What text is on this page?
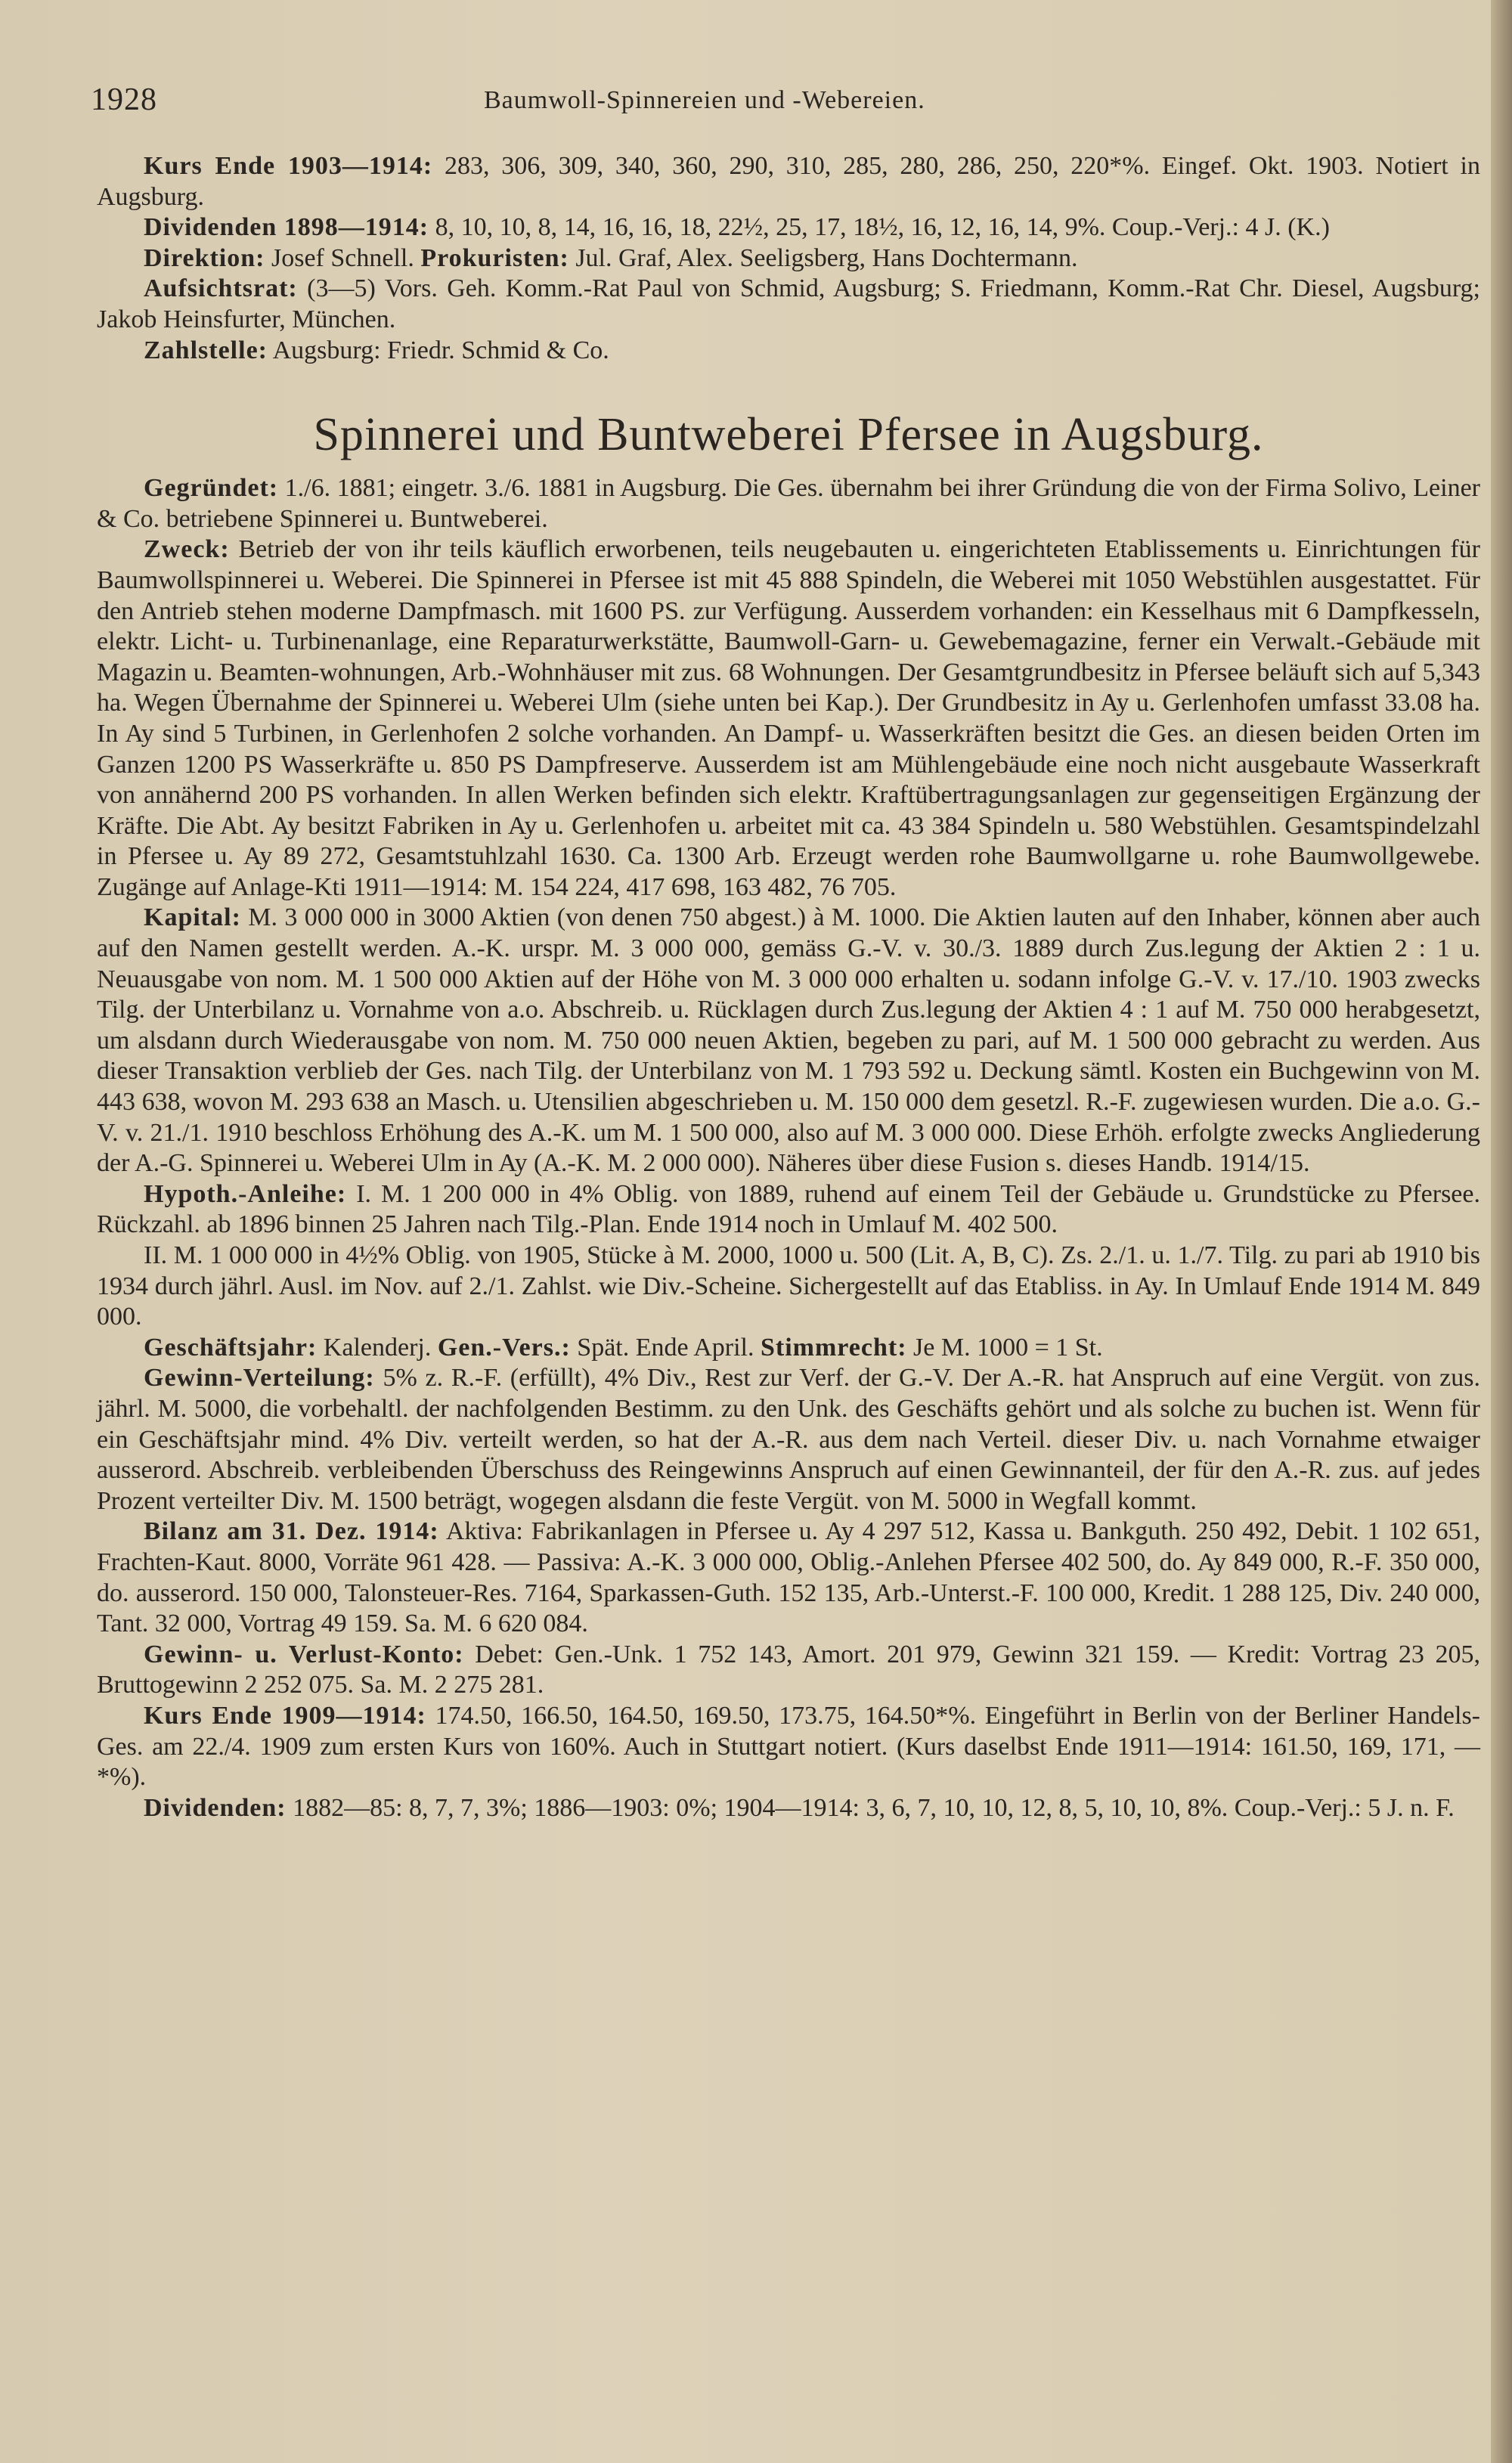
1928	Baumwoll-Spinnereien und -Webereien.

Kurs Ende 1903—1914: 283, 306, 309, 340, 360, 290, 310, 285, 280, 286, 250, 220*%. Eingef. Okt. 1903. Notiert in Augsburg.

Dividenden 1898—1914: 8, 10, 10, 8, 14, 16, 16, 18, 22½, 25, 17, 18½, 16, 12, 16, 14, 9%. Coup.-Verj.: 4 J. (K.)

Direktion: Josef Schnell. Prokuristen: Jul. Graf, Alex. Seeligsberg, Hans Dochtermann.

Aufsichtsrat: (3—5) Vors. Geh. Komm.-Rat Paul von Schmid, Augsburg; S. Friedmann, Komm.-Rat Chr. Diesel, Augsburg; Jakob Heinsfurter, München.

Zahlstelle: Augsburg: Friedr. Schmid & Co.

Spinnerei und Buntweberei Pfersee in Augsburg.

Gegründet: 1./6. 1881; eingetr. 3./6. 1881 in Augsburg. Die Ges. übernahm bei ihrer Gründung die von der Firma Solivo, Leiner & Co. betriebene Spinnerei u. Buntweberei.

Zweck: Betrieb der von ihr teils käuflich erworbenen, teils neugebauten u. eingerichteten Etablissements u. Einrichtungen für Baumwollspinnerei u. Weberei. Die Spinnerei in Pfersee ist mit 45 888 Spindeln, die Weberei mit 1050 Webstühlen ausgestattet. Für den Antrieb stehen moderne Dampfmasch. mit 1600 PS. zur Verfügung. Ausserdem vorhanden: ein Kesselhaus mit 6 Dampfkesseln, elektr. Licht- u. Turbinenanlage, eine Reparaturwerkstätte, Baumwoll-Garn- u. Gewebemagazine, ferner ein Verwalt.-Gebäude mit Magazin u. Beamten-wohnungen, Arb.-Wohnhäuser mit zus. 68 Wohnungen. Der Gesamtgrundbesitz in Pfersee beläuft sich auf 5,343 ha. Wegen Übernahme der Spinnerei u. Weberei Ulm (siehe unten bei Kap.). Der Grundbesitz in Ay u. Gerlenhofen umfasst 33.08 ha. In Ay sind 5 Turbinen, in Gerlenhofen 2 solche vorhanden. An Dampf- u. Wasserkräften besitzt die Ges. an diesen beiden Orten im Ganzen 1200 PS Wasserkräfte u. 850 PS Dampfreserve. Ausserdem ist am Mühlengebäude eine noch nicht ausgebaute Wasserkraft von annähernd 200 PS vorhanden. In allen Werken befinden sich elektr. Kraftübertragungsanlagen zur gegenseitigen Ergänzung der Kräfte. Die Abt. Ay besitzt Fabriken in Ay u. Gerlenhofen u. arbeitet mit ca. 43 384 Spindeln u. 580 Webstühlen. Gesamtspindelzahl in Pfersee u. Ay 89 272, Gesamtstuhlzahl 1630. Ca. 1300 Arb. Erzeugt werden rohe Baumwollgarne u. rohe Baumwollgewebe. Zugänge auf Anlage-Kti 1911—1914: M. 154 224, 417 698, 163 482, 76 705.

Kapital: M. 3 000 000 in 3000 Aktien (von denen 750 abgest.) à M. 1000. Die Aktien lauten auf den Inhaber, können aber auch auf den Namen gestellt werden. A.-K. urspr. M. 3 000 000, gemäss G.-V. v. 30./3. 1889 durch Zus.legung der Aktien 2 : 1 u. Neuausgabe von nom. M. 1 500 000 Aktien auf der Höhe von M. 3 000 000 erhalten u. sodann infolge G.-V. v. 17./10. 1903 zwecks Tilg. der Unterbilanz u. Vornahme von a.o. Abschreib. u. Rücklagen durch Zus.legung der Aktien 4 : 1 auf M. 750 000 herabgesetzt, um alsdann durch Wiederausgabe von nom. M. 750 000 neuen Aktien, begeben zu pari, auf M. 1 500 000 gebracht zu werden. Aus dieser Transaktion verblieb der Ges. nach Tilg. der Unterbilanz von M. 1 793 592 u. Deckung sämtl. Kosten ein Buchgewinn von M. 443 638, wovon M. 293 638 an Masch. u. Utensilien abgeschrieben u. M. 150 000 dem gesetzl. R.-F. zugewiesen wurden. Die a.o. G.-V. v. 21./1. 1910 beschloss Erhöhung des A.-K. um M. 1 500 000, also auf M. 3 000 000. Diese Erhöh. erfolgte zwecks Angliederung der A.-G. Spinnerei u. Weberei Ulm in Ay (A.-K. M. 2 000 000). Näheres über diese Fusion s. dieses Handb. 1914/15.

Hypoth.-Anleihe: I. M. 1 200 000 in 4% Oblig. von 1889, ruhend auf einem Teil der Gebäude u. Grundstücke zu Pfersee. Rückzahl. ab 1896 binnen 25 Jahren nach Tilg.-Plan. Ende 1914 noch in Umlauf M. 402 500.

II. M. 1 000 000 in 4½% Oblig. von 1905, Stücke à M. 2000, 1000 u. 500 (Lit. A, B, C). Zs. 2./1. u. 1./7. Tilg. zu pari ab 1910 bis 1934 durch jährl. Ausl. im Nov. auf 2./1. Zahlst. wie Div.-Scheine. Sichergestellt auf das Etabliss. in Ay. In Umlauf Ende 1914 M. 849 000.

Geschäftsjahr: Kalenderj. Gen.-Vers.: Spät. Ende April. Stimmrecht: Je M. 1000 = 1 St.

Gewinn-Verteilung: 5% z. R.-F. (erfüllt), 4% Div., Rest zur Verf. der G.-V. Der A.-R. hat Anspruch auf eine Vergüt. von zus. jährl. M. 5000, die vorbehaltl. der nachfolgenden Bestimm. zu den Unk. des Geschäfts gehört und als solche zu buchen ist. Wenn für ein Geschäftsjahr mind. 4% Div. verteilt werden, so hat der A.-R. aus dem nach Verteil. dieser Div. u. nach Vornahme etwaiger ausserord. Abschreib. verbleibenden Überschuss des Reingewinns Anspruch auf einen Gewinnanteil, der für den A.-R. zus. auf jedes Prozent verteilter Div. M. 1500 beträgt, wogegen alsdann die feste Vergüt. von M. 5000 in Wegfall kommt.

Bilanz am 31. Dez. 1914: Aktiva: Fabrikanlagen in Pfersee u. Ay 4 297 512, Kassa u. Bankguth. 250 492, Debit. 1 102 651, Frachten-Kaut. 8000, Vorräte 961 428. — Passiva: A.-K. 3 000 000, Oblig.-Anlehen Pfersee 402 500, do. Ay 849 000, R.-F. 350 000, do. ausserord. 150 000, Talonsteuer-Res. 7164, Sparkassen-Guth. 152 135, Arb.-Unterst.-F. 100 000, Kredit. 1 288 125, Div. 240 000, Tant. 32 000, Vortrag 49 159. Sa. M. 6 620 084.

Gewinn- u. Verlust-Konto: Debet: Gen.-Unk. 1 752 143, Amort. 201 979, Gewinn 321 159. — Kredit: Vortrag 23 205, Bruttogewinn 2 252 075. Sa. M. 2 275 281.

Kurs Ende 1909—1914: 174.50, 166.50, 164.50, 169.50, 173.75, 164.50*%. Eingeführt in Berlin von der Berliner Handels-Ges. am 22./4. 1909 zum ersten Kurs von 160%. Auch in Stuttgart notiert. (Kurs daselbst Ende 1911—1914: 161.50, 169, 171, —*%).

Dividenden: 1882—85: 8, 7, 7, 3%; 1886—1903: 0%; 1904—1914: 3, 6, 7, 10, 10, 12, 8, 5, 10, 10, 8%. Coup.-Verj.: 5 J. n. F.
